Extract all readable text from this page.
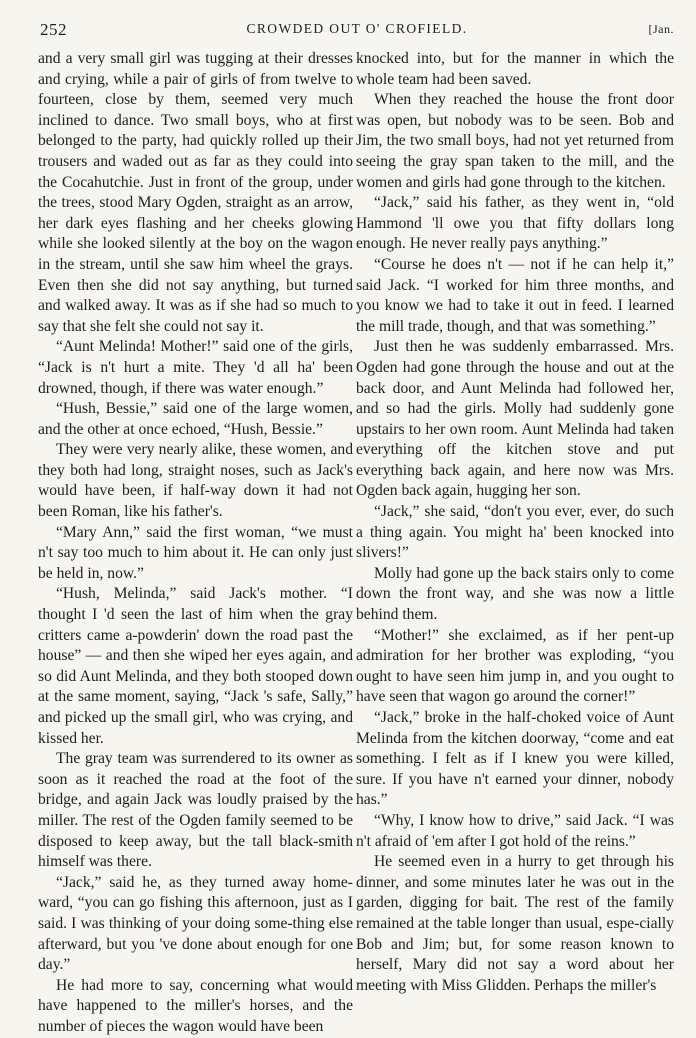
252	CROWDED OUT O' CROFIELD.	[Jan.

and a very small girl was tugging at their dresses and crying, while a pair of girls of from twelve to fourteen, close by them, seemed very much inclined to dance. Two small boys, who at first belonged to the party, had quickly rolled up their trousers and waded out as far as they could into the Cocahutchie. Just in front of the group, under the trees, stood Mary Ogden, straight as an arrow, her dark eyes flashing and her cheeks glowing while she looked silently at the boy on the wagon in the stream, until she saw him wheel the grays. Even then she did not say anything, but turned and walked away. It was as if she had so much to say that she felt she could not say it.

“Aunt Melinda! Mother!” said one of the girls, “Jack is n't hurt a mite. They 'd all ha' been drowned, though, if there was water enough.”

“Hush, Bessie,” said one of the large women, and the other at once echoed, “Hush, Bessie.”

They were very nearly alike, these women, and they both had long, straight noses, such as Jack's would have been, if half-way down it had not been Roman, like his father's.

“Mary Ann,” said the first woman, “we must n't say too much to him about it. He can only just be held in, now.”

“Hush, Melinda,” said Jack's mother. “I thought I 'd seen the last of him when the gray critters came a-powderin' down the road past the house” — and then she wiped her eyes again, and so did Aunt Melinda, and they both stooped down at the same moment, saying, “Jack 's safe, Sally,” and picked up the small girl, who was crying, and kissed her.

The gray team was surrendered to its owner as soon as it reached the road at the foot of the bridge, and again Jack was loudly praised by the miller. The rest of the Ogden family seemed to be disposed to keep away, but the tall black-smith himself was there.

“Jack,” said he, as they turned away home-ward, “you can go fishing this afternoon, just as I said. I was thinking of your doing some-thing else afterward, but you 've done about enough for one day.”

He had more to say, concerning what would have happened to the miller's horses, and the number of pieces the wagon would have been

knocked into, but for the manner in which the whole team had been saved.

When they reached the house the front door was open, but nobody was to be seen. Bob and Jim, the two small boys, had not yet returned from seeing the gray span taken to the mill, and the women and girls had gone through to the kitchen.

“Jack,” said his father, as they went in, “old Hammond 'll owe you that fifty dollars long enough. He never really pays anything.”

“Course he does n't — not if he can help it,” said Jack. “I worked for him three months, and you know we had to take it out in feed. I learned the mill trade, though, and that was something.”

Just then he was suddenly embarrassed. Mrs. Ogden had gone through the house and out at the back door, and Aunt Melinda had followed her, and so had the girls. Molly had suddenly gone upstairs to her own room. Aunt Melinda had taken everything off the kitchen stove and put everything back again, and here now was Mrs. Ogden back again, hugging her son.

“Jack,” she said, “don't you ever, ever, do such a thing again. You might ha' been knocked into slivers!”

Molly had gone up the back stairs only to come down the front way, and she was now a little behind them.

“Mother!” she exclaimed, as if her pent-up admiration for her brother was exploding, “you ought to have seen him jump in, and you ought to have seen that wagon go around the corner!”

“Jack,” broke in the half-choked voice of Aunt Melinda from the kitchen doorway, “come and eat something. I felt as if I knew you were killed, sure. If you have n't earned your dinner, nobody has.”

“Why, I know how to drive,” said Jack. “I was n't afraid of 'em after I got hold of the reins.”

He seemed even in a hurry to get through his dinner, and some minutes later he was out in the garden, digging for bait. The rest of the family remained at the table longer than usual, espe-cially Bob and Jim; but, for some reason known to herself, Mary did not say a word about her meeting with Miss Glidden. Perhaps the miller's
